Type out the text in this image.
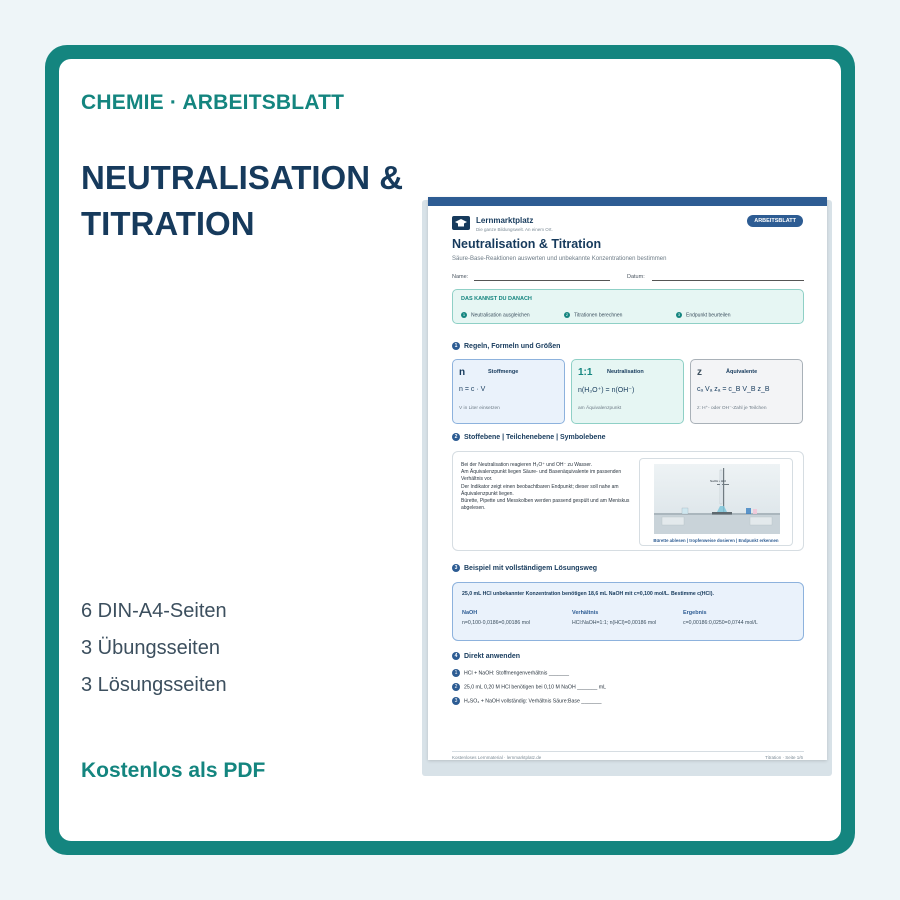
CHEMIE · ARBEITSBLATT
NEUTRALISATION & TITRATION
6 DIN-A4-Seiten
3 Übungsseiten
3 Lösungsseiten
Kostenlos als PDF
Lernmarktplatz
Die ganze Bildungswelt. An einem Ort.
ARBEITSBLATT
Neutralisation & Titration
Säure-Base-Reaktionen auswerten und unbekannte Konzentrationen bestimmen
Name:	Datum:
DAS KANNST DU DANACH
1 Neutralisation ausgleichen	2 Titrationen berechnen	3 Endpunkt beurteilen
1 Regeln, Formeln und Größen
n	Stoffmenge
n = c · V
V in Liter einsetzen
1:1	Neutralisation
n(H₃O⁺) = n(OH⁻)
am Äquivalenzpunkt
z	Äquivalente
cₐ Vₐ zₐ = c_B V_B z_B
z: H⁺- oder OH⁻-Zahl je Teilchen
2 Stoffebene | Teilchenebene | Symbolebene
Bei der Neutralisation reagieren H₃O⁺ und OH⁻ zu Wasser.
Am Äquivalenzpunkt liegen Säure- und Basenäquivalente im passenden Verhältnis vor.
Der Indikator zeigt einen beobachtbaren Endpunkt; dieser soll nahe am Äquivalenzpunkt liegen.
Bürette, Pipette und Messkolben werden passend gespült und am Meniskus abgelesen.
NaOH • HCl
Bürette ablesen | tropfenweise dosieren | Endpunkt erkennen
3 Beispiel mit vollständigem Lösungsweg
25,0 mL HCl unbekannter Konzentration benötigen 18,6 mL NaOH mit c=0,100 mol/L. Bestimme c(HCl).
NaOH
n=0,100·0,0186=0,00186 mol
Verhältnis
HCl:NaOH=1:1; n(HCl)=0,00186 mol
Ergebnis
c=0,00186:0,0250=0,0744 mol/L
4 Direkt anwenden
1 HCl + NaOH: Stoffmengenverhältnis _______
2 25,0 mL 0,20 M HCl benötigen bei 0,10 M NaOH _______ mL
3 H₂SO₄ + NaOH vollständig: Verhältnis Säure:Base _______
Kostenloses Lernmaterial · lernmarktplatz.de	Titration · Seite 1/6
